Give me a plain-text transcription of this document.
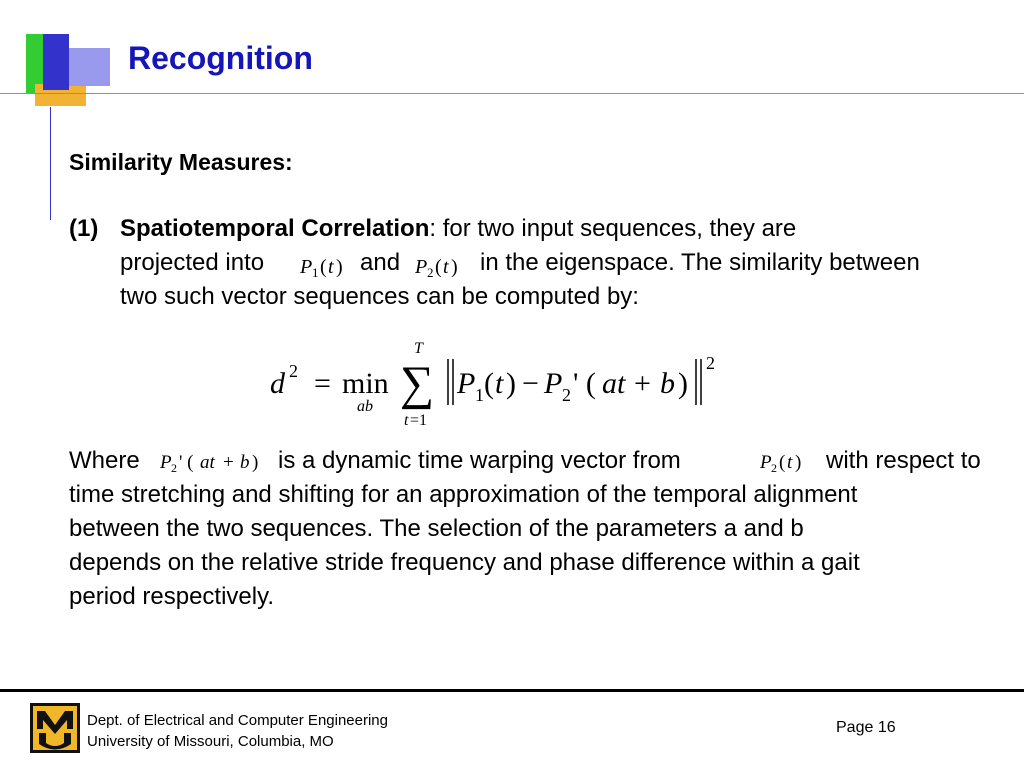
Recognition
Similarity Measures:
(1) Spatiotemporal Correlation: for two input sequences, they are
projected into P 1 ( t ) and P 2 ( t ) in the eigenspace. The similarity between
two such vector sequences can be computed by:
d 2 = min
ab
T
∑
t =1
P 1 ( t ) − P 2 ' ( at + b )
2
Where P 2 ' ( at + b ) is a dynamic time warping vector from	P 2 ( t ) with respect to
time stretching and shifting for an approximation of the temporal alignment
between the two sequences. The selection of the parameters a and b
depends on the relative stride frequency and phase difference within a gait
period respectively.
Dept. of Electrical and Computer Engineering
University of Missouri, Columbia, MO
Page 16
